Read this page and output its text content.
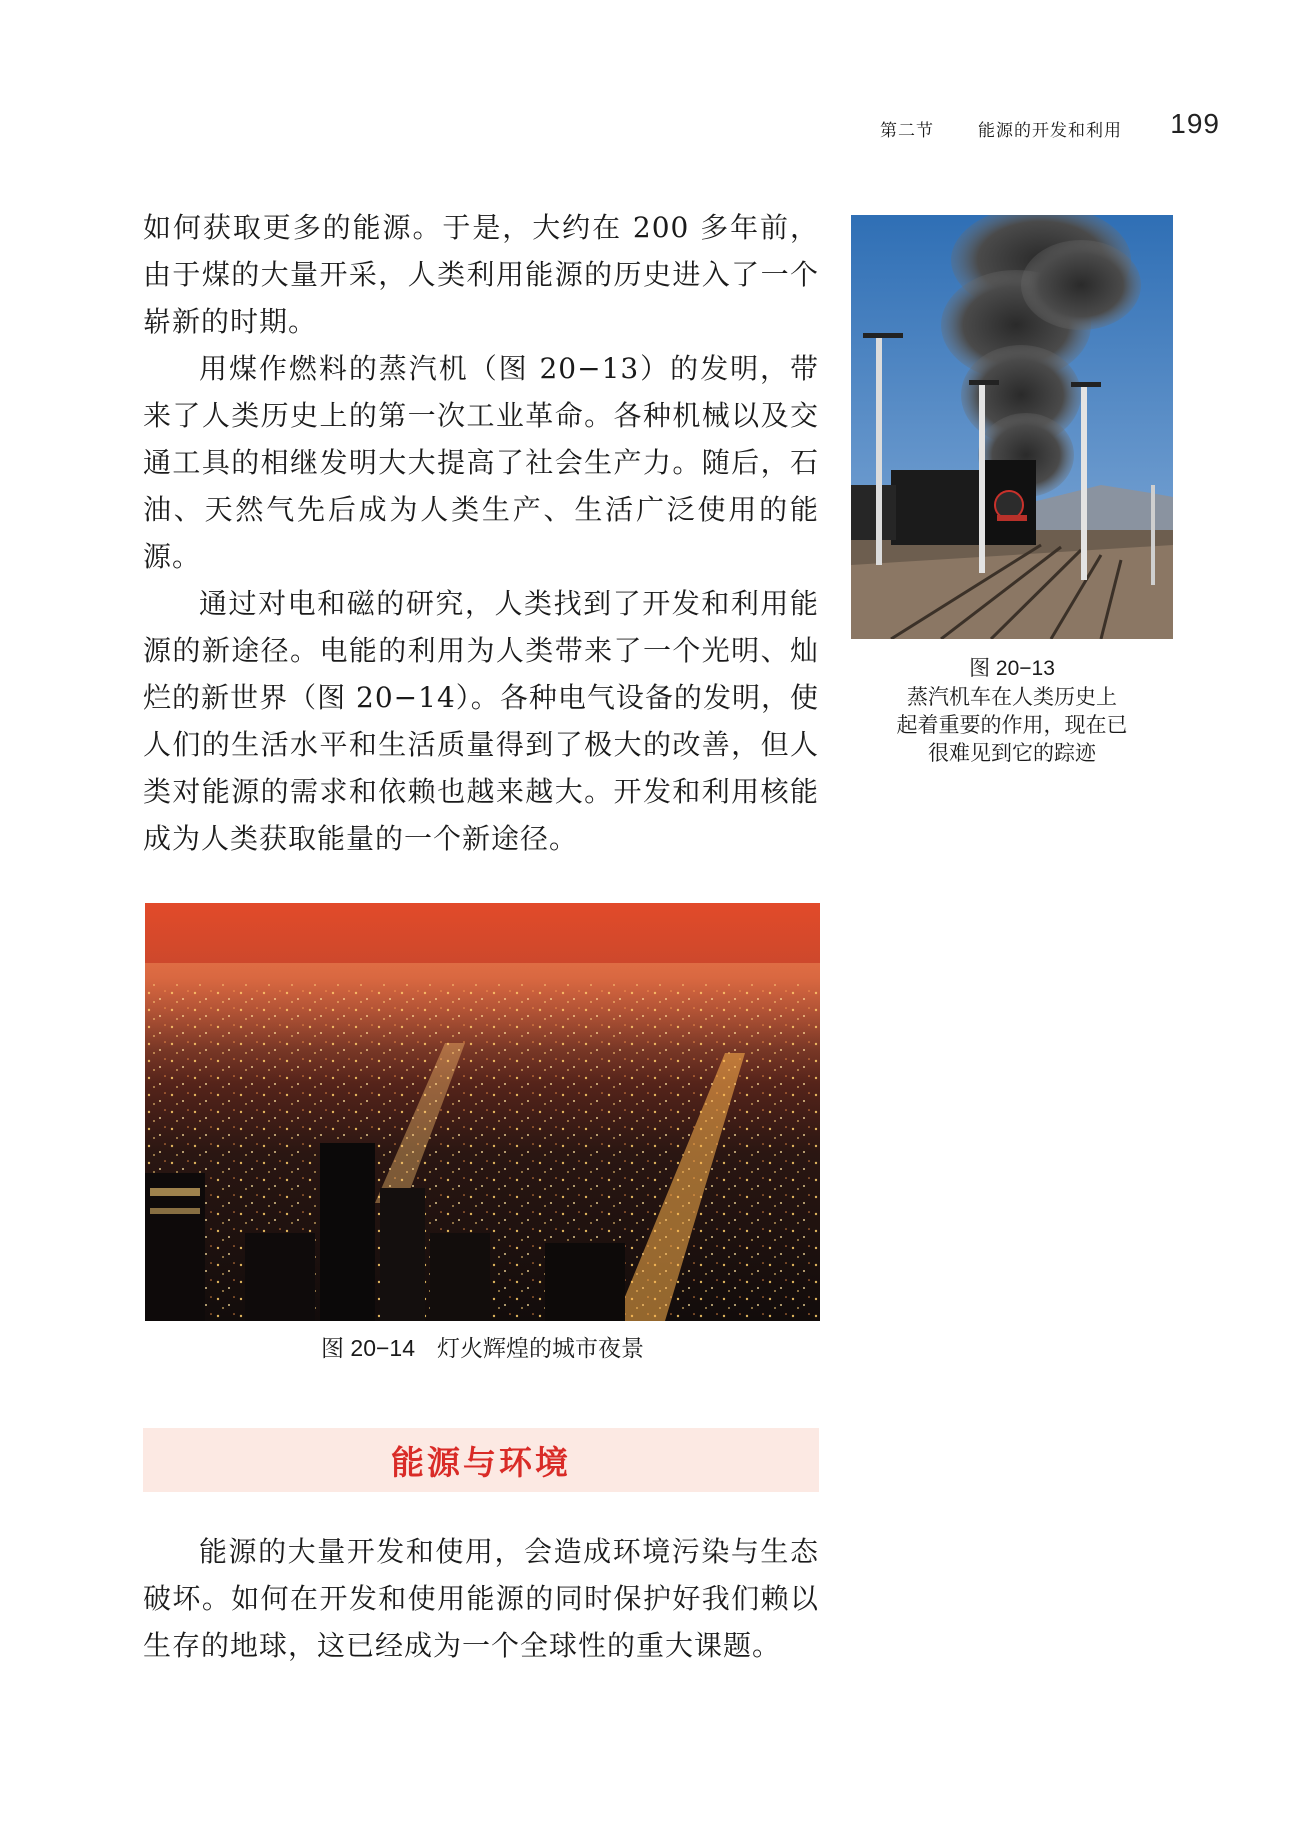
第二节	能源的开发和利用 199

如何获取更多的能源。于是，大约在 200 多年前，由于煤的大量开采，人类利用能源的历史进入了一个崭新的时期。

用煤作燃料的蒸汽机（图 20−13）的发明，带来了人类历史上的第一次工业革命。各种机械以及交通工具的相继发明大大提高了社会生产力。随后，石油、天然气先后成为人类生产、生活广泛使用的能源。

通过对电和磁的研究，人类找到了开发和利用能源的新途径。电能的利用为人类带来了一个光明、灿烂的新世界（图 20−14）。各种电气设备的发明，使人们的生活水平和生活质量得到了极大的改善，但人类对能源的需求和依赖也越来越大。开发和利用核能成为人类获取能量的一个新途径。

图 20−13
蒸汽机车在人类历史上
起着重要的作用，现在已
很难见到它的踪迹
图 20−14 灯火辉煌的城市夜景
能源与环境

能源的大量开发和使用，会造成环境污染与生态破坏。如何在开发和使用能源的同时保护好我们赖以生存的地球，这已经成为一个全球性的重大课题。
